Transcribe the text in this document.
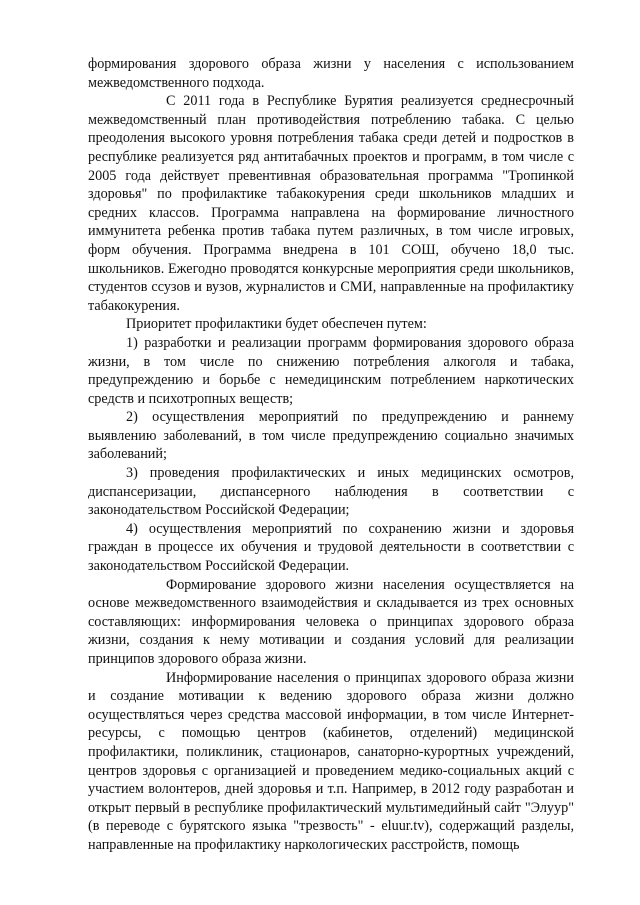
формирования здорового образа жизни у населения с использованием межведомственного подхода.

С 2011 года в Республике Бурятия реализуется среднесрочный межведомственный план противодействия потреблению табака. С целью преодоления высокого уровня потребления табака среди детей и подростков в республике реализуется ряд антитабачных проектов и программ, в том числе с 2005 года действует превентивная образовательная программа "Тропинкой здоровья" по профилактике табакокурения среди школьников младших и средних классов. Программа направлена на формирование личностного иммунитета ребенка против табака путем различных, в том числе игровых, форм обучения. Программа внедрена в 101 СОШ, обучено 18,0 тыс. школьников. Ежегодно проводятся конкурсные мероприятия среди школьников, студентов ссузов и вузов, журналистов и СМИ, направленные на профилактику табакокурения.

Приоритет профилактики будет обеспечен путем:

1) разработки и реализации программ формирования здорового образа жизни, в том числе по снижению потребления алкоголя и табака, предупреждению и борьбе с немедицинским потреблением наркотических средств и психотропных веществ;

2) осуществления мероприятий по предупреждению и раннему выявлению заболеваний, в том числе предупреждению социально значимых заболеваний;

3) проведения профилактических и иных медицинских осмотров, диспансеризации, диспансерного наблюдения в соответствии с законодательством Российской Федерации;

4) осуществления мероприятий по сохранению жизни и здоровья граждан в процессе их обучения и трудовой деятельности в соответствии с законодательством Российской Федерации.

Формирование здорового жизни населения осуществляется на основе межведомственного взаимодействия и складывается из трех основных составляющих: информирования человека о принципах здорового образа жизни, создания к нему мотивации и создания условий для реализации принципов здорового образа жизни.

Информирование населения о принципах здорового образа жизни и создание мотивации к ведению здорового образа жизни должно осуществляться через средства массовой информации, в том числе Интернет-ресурсы, с помощью центров (кабинетов, отделений) медицинской профилактики, поликлиник, стационаров, санаторно-курортных учреждений, центров здоровья с организацией и проведением медико-социальных акций с участием волонтеров, дней здоровья и т.п. Например, в 2012 году разработан и открыт первый в республике профилактический мультимедийный сайт "Элуур" (в переводе с бурятского языка "трезвость" - eluur.tv), содержащий разделы, направленные на профилактику наркологических расстройств, помощь
